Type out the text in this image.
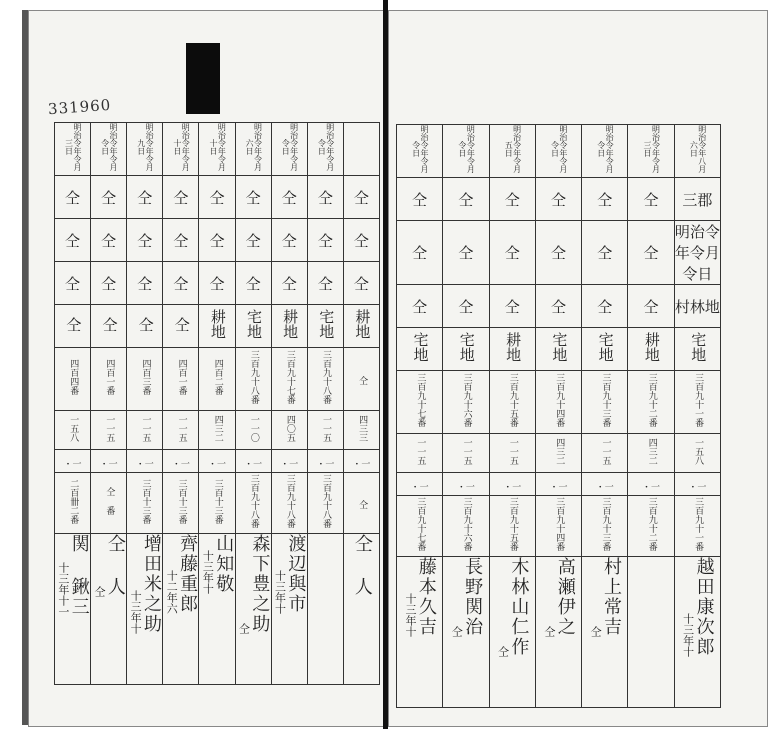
331960
明治令年令月三日	明治令年令月令日	明治令年令月九日	明治令年令月十日	明治令年令月十日	明治令年令月六日	明治令年令月令日	明治令年令月令日	
仝	仝	仝	仝	仝	仝	仝	仝	仝
仝	仝	仝	仝	仝	仝	仝	仝	仝
仝	仝	仝	仝	仝	仝	仝	仝	仝
仝	仝	仝	仝	耕地	宅地	耕地	宅地	耕地
四百四番	四百一番	四百三番	四百一番	四百二番	三百九十八番	三百九十七番	三百九十八番	仝
一五八	一一五	一一五	一一五	四三二	一一〇	四〇五	一一五	四三三
・一	・一	・一	・一	・一	・一	・一	・一	・一
二百卌二番	仝 番	三百十三番	三百十三番	三百十三番	三百九十八番	三百九十八番	三百九十八番	仝
十三年十一関 鍬三	仝仝 人	十三年十增田米之助	十二年六齊藤重郎	十三年十山知敬	仝森下豊之助	十三年十渡辺與市		仝 人
明治令年令月令日	明治令年令月令日	明治令年令月五日	明治令年令月令日	明治令年令月令日	明治令年令月三日	明治令年八月六日
仝	仝	仝	仝	仝	仝	三郡
仝	仝	仝	仝	仝	仝	明治令年令月令日
仝	仝	仝	仝	仝	仝	村林地
宅地	宅地	耕地	宅地	宅地	耕地	宅地
三百九十七番	三百九十六番	三百九十五番	三百九十四番	三百九十三番	三百九十二番	三百九十一番
一一五	一一五	一一五	四三二	一一五	四三二	一五八
・一	・一	・一	・一	・一	・一	・一
三百九十七番	三百九十六番	三百九十五番	三百九十四番	三百九十三番	三百九十二番	三百九十一番
十三年十藤本久吉	仝長野関治	仝木林山仁作	仝高瀬伊之	仝村上常吉		十三年十越田康次郎
